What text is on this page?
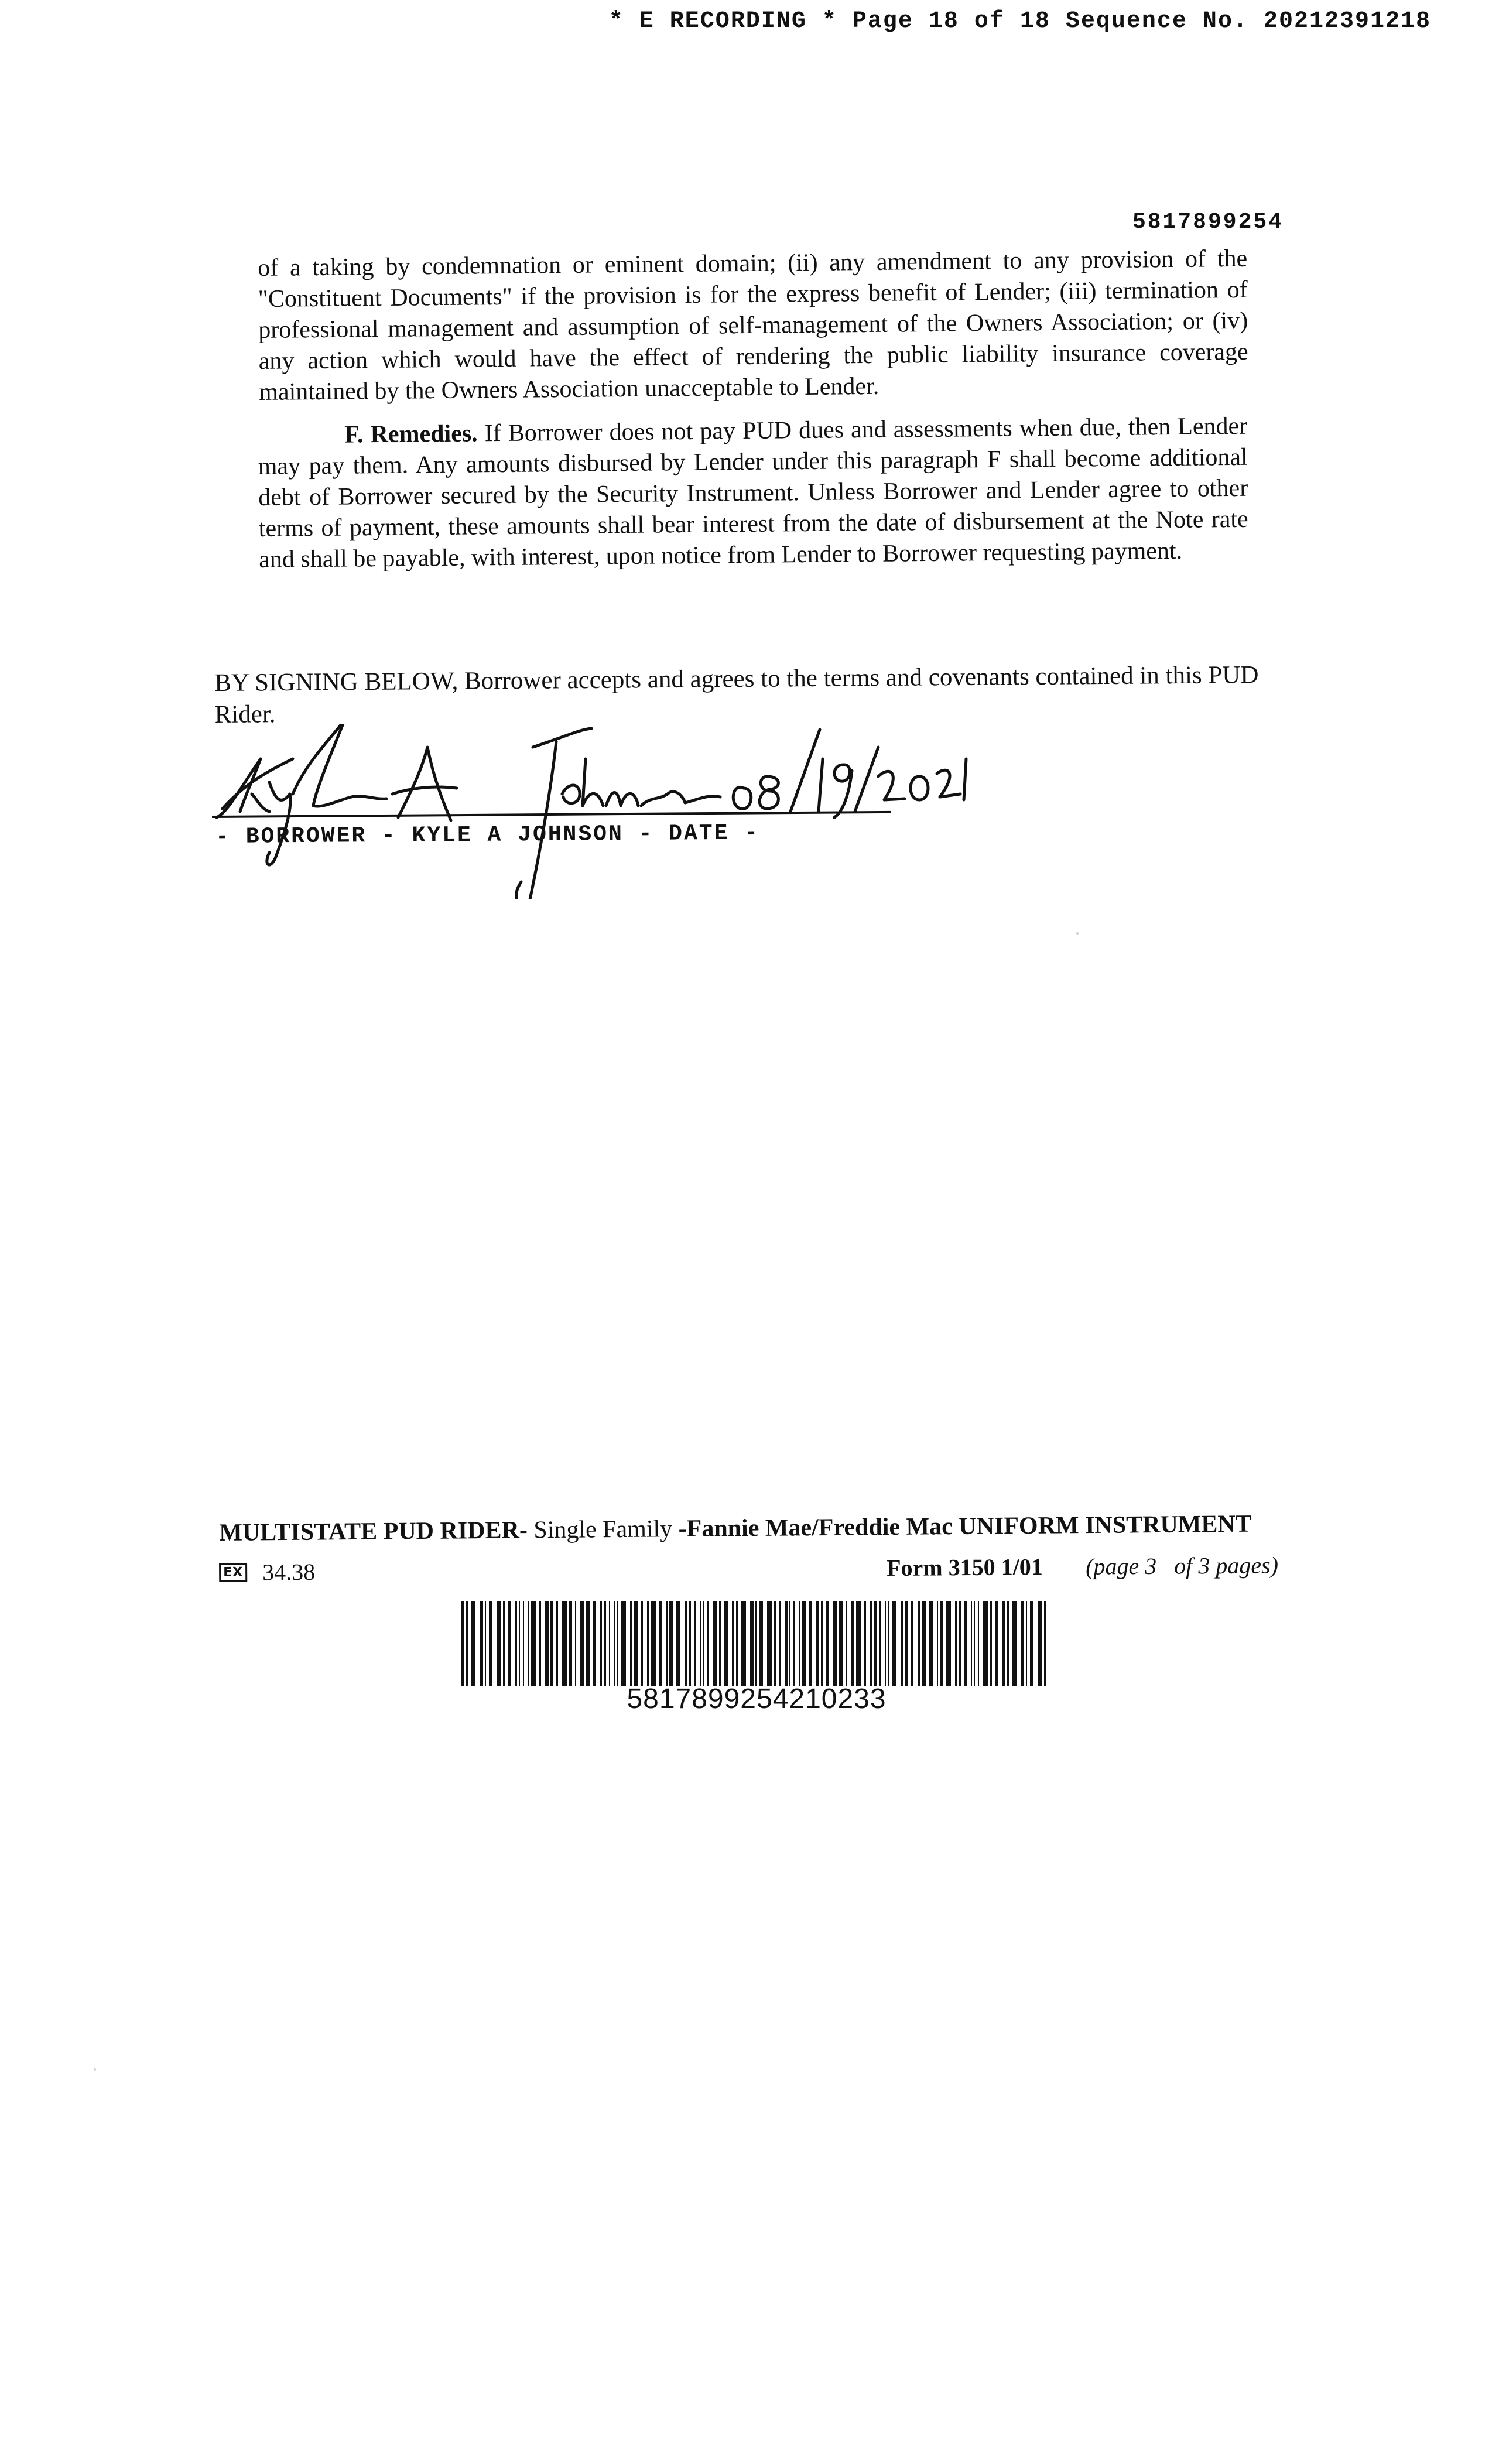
* E RECORDING * Page 18 of 18 Sequence No. 20212391218
5817899254
of a taking by condemnation or eminent domain; (ii) any amendment to any provision of the "Constituent Documents" if the provision is for the express benefit of Lender; (iii) termination of professional management and assumption of self-management of the Owners Association; or (iv) any action which would have the effect of rendering the public liability insurance coverage maintained by the Owners Association unacceptable to Lender.
F. Remedies. If Borrower does not pay PUD dues and assessments when due, then Lender may pay them. Any amounts disbursed by Lender under this paragraph F shall become additional debt of Borrower secured by the Security Instrument. Unless Borrower and Lender agree to other terms of payment, these amounts shall bear interest from the date of disbursement at the Note rate and shall be payable, with interest, upon notice from Lender to Borrower requesting payment.
BY SIGNING BELOW, Borrower accepts and agrees to the terms and covenants contained in this PUD Rider.
- BORROWER - KYLE A JOHNSON - DATE -
MULTISTATE PUD RIDER- Single Family -Fannie Mae/Freddie Mac UNIFORM INSTRUMENT
EX 34.38	Form 3150 1/01 (page 3 of 3 pages)
5817899254210233
